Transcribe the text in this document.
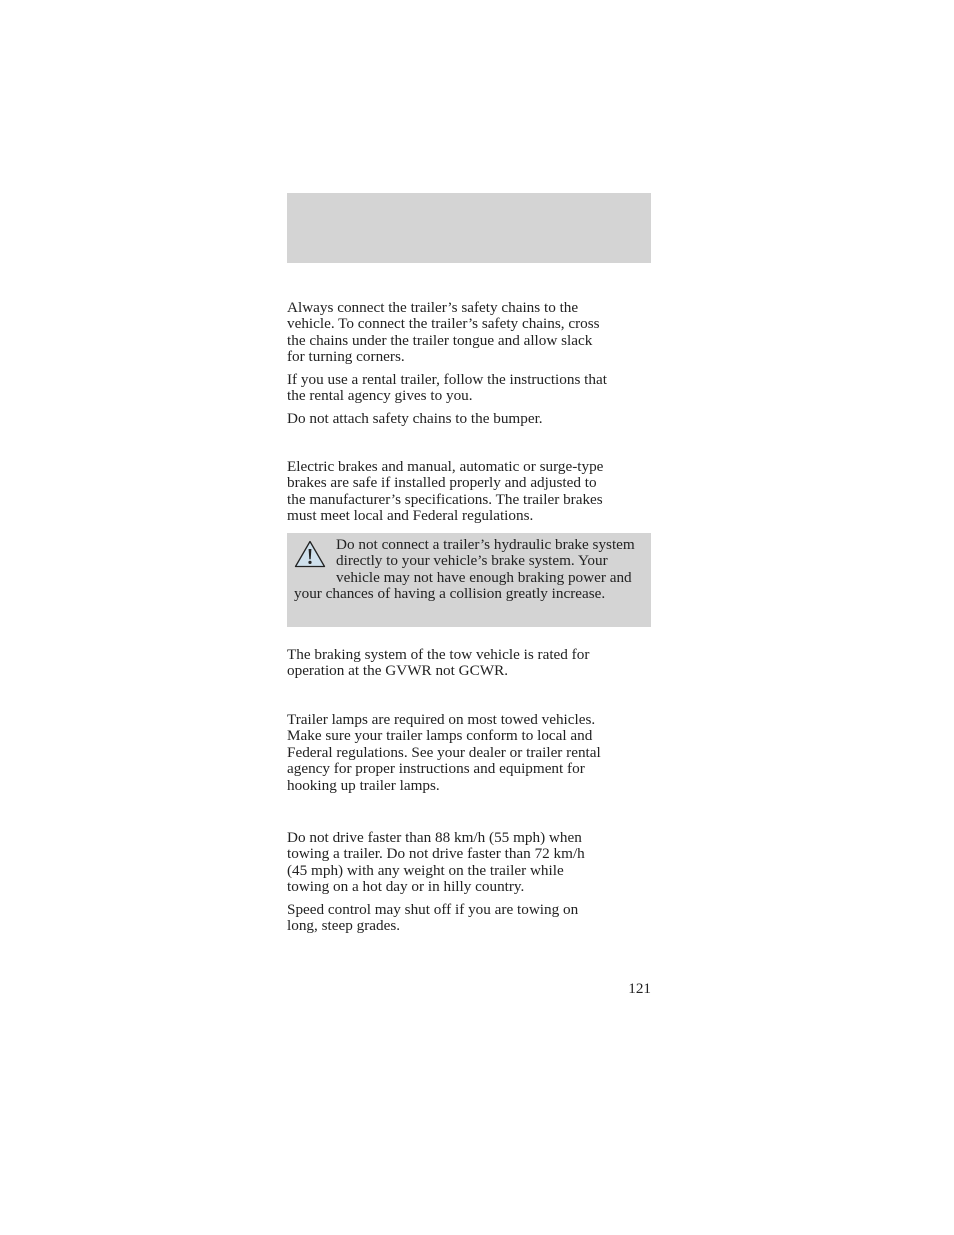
Always connect the trailer’s safety chains to the
vehicle. To connect the trailer’s safety chains, cross
the chains under the trailer tongue and allow slack
for turning corners.

If you use a rental trailer, follow the instructions that
the rental agency gives to you.

Do not attach safety chains to the bumper.

Electric brakes and manual, automatic or surge-type
brakes are safe if installed properly and adjusted to
the manufacturer’s specifications. The trailer brakes
must meet local and Federal regulations.

Do not connect a trailer’s hydraulic brake system directly to your vehicle’s brake system. Your vehicle may not have enough braking power and your chances of having a collision greatly increase.

The braking system of the tow vehicle is rated for
operation at the GVWR not GCWR.

Trailer lamps are required on most towed vehicles.
Make sure your trailer lamps conform to local and
Federal regulations. See your dealer or trailer rental
agency for proper instructions and equipment for
hooking up trailer lamps.

Do not drive faster than 88 km/h (55 mph) when
towing a trailer. Do not drive faster than 72 km/h
(45 mph) with any weight on the trailer while
towing on a hot day or in hilly country.

Speed control may shut off if you are towing on
long, steep grades.

121
